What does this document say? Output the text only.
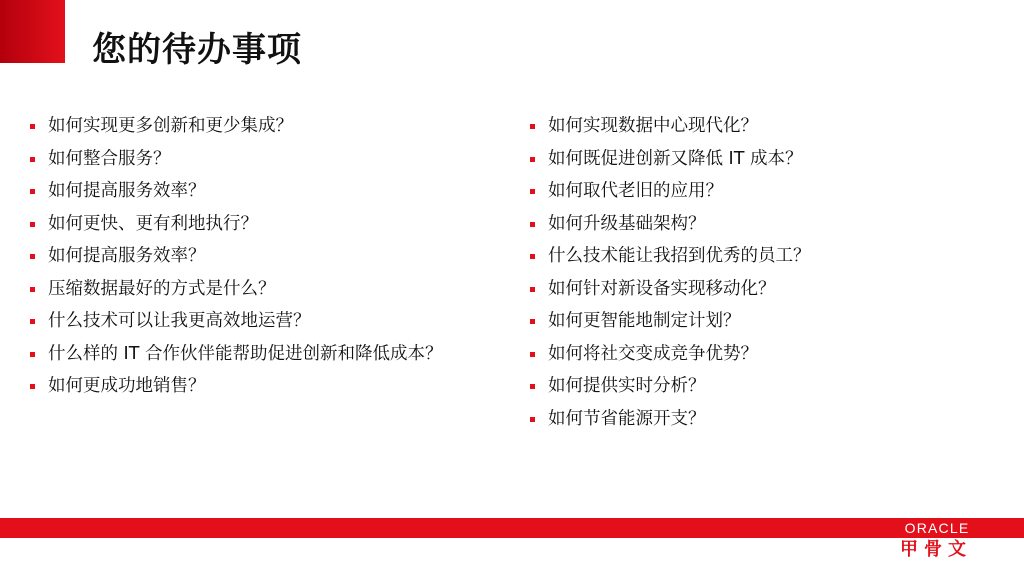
您的待办事项
如何实现更多创新和更少集成？
如何整合服务？
如何提高服务效率？
如何更快、更有利地执行？
如何提高服务效率？
压缩数据最好的方式是什么？
什么技术可以让我更高效地运营？
什么样的 IT 合作伙伴能帮助促进创新和降低成本？
如何更成功地销售？
如何实现数据中心现代化？
如何既促进创新又降低 IT 成本？
如何取代老旧的应用？
如何升级基础架构？
什么技术能让我招到优秀的员工？
如何针对新设备实现移动化？
如何更智能地制定计划？
如何将社交变成竞争优势？
如何提供实时分析？
如何节省能源开支？
ORACLE
甲骨文
